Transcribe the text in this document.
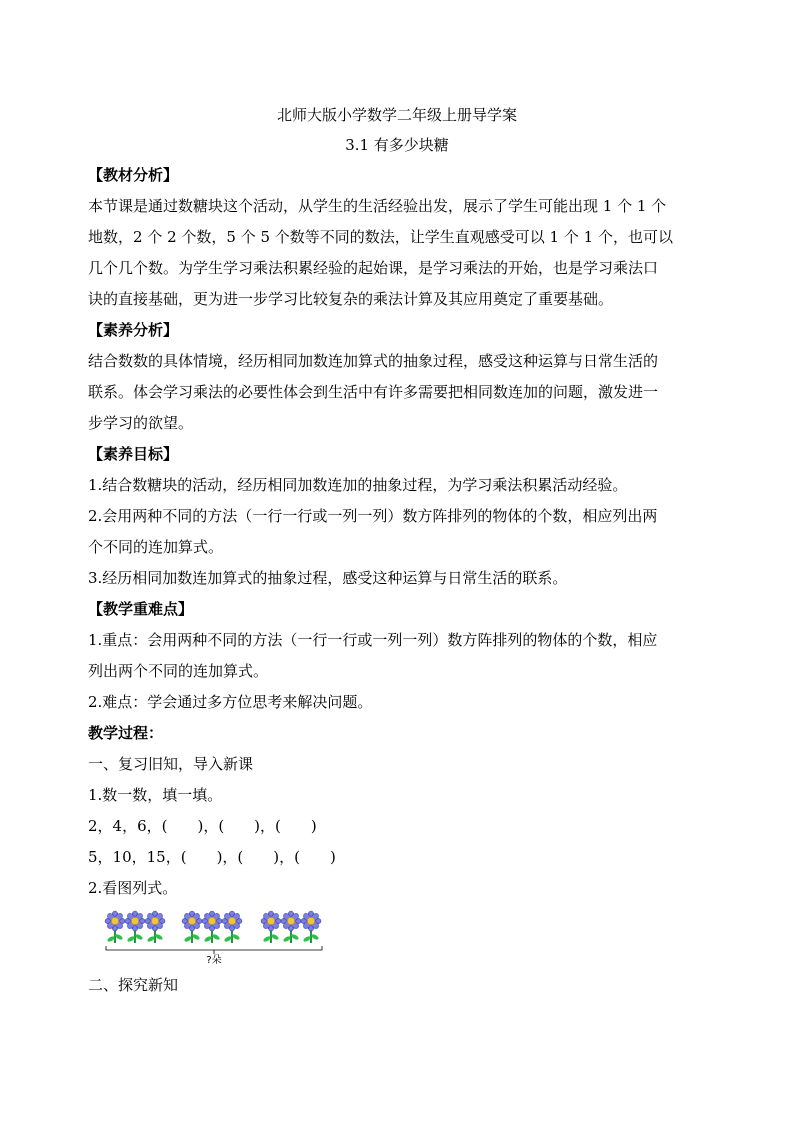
北师大版小学数学二年级上册导学案
3.1 有多少块糖
【教材分析】
本节课是通过数糖块这个活动，从学生的生活经验出发，展示了学生可能出现 1 个 1 个
地数，2 个 2 个数，5 个 5 个数等不同的数法，让学生直观感受可以 1 个 1 个，也可以
几个几个数。为学生学习乘法积累经验的起始课，是学习乘法的开始，也是学习乘法口
诀的直接基础，更为进一步学习比较复杂的乘法计算及其应用奠定了重要基础。
【素养分析】
结合数数的具体情境，经历相同加数连加算式的抽象过程，感受这种运算与日常生活的
联系。体会学习乘法的必要性体会到生活中有许多需要把相同数连加的问题，激发进一
步学习的欲望。
【素养目标】
1.结合数糖块的活动，经历相同加数连加的抽象过程，为学习乘法积累活动经验。
2.会用两种不同的方法（一行一行或一列一列）数方阵排列的物体的个数，相应列出两
个不同的连加算式。
3.经历相同加数连加算式的抽象过程，感受这种运算与日常生活的联系。
【教学重难点】
1.重点：会用两种不同的方法（一行一行或一列一列）数方阵排列的物体的个数，相应
列出两个不同的连加算式。
2.难点：学会通过多方位思考来解决问题。
教学过程：
一、复习旧知，导入新课
1.数一数，填一填。
2，4，6，(　　)，(　　)，(　　)
5，10，15，(　　)，(　　)，(　　)
2.看图列式。
?朵
二、探究新知
